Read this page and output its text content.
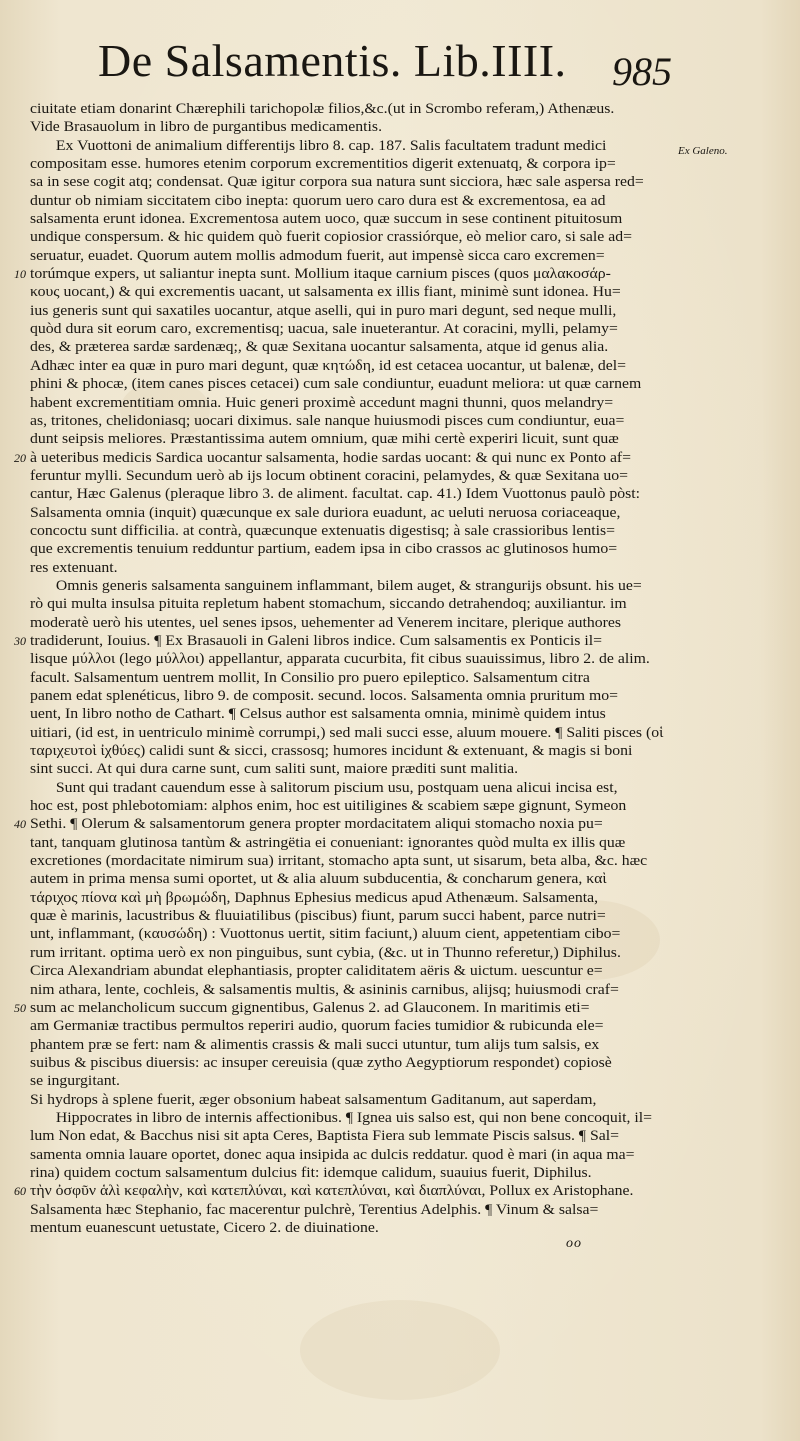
De Salsamentis. Lib.IIII. 985
Ex Galeno.
ciuitate etiam donarint Chærephili tarichopolæ filios,&c.(ut in Scrombo referam,) Athenæus.
Vide Brasauolum in libro de purgantibus medicamentis.
Ex Vuottoni de animalium differentijs libro 8. cap. 187. Salis facultatem tradunt medici
compositam esse. humores etenim corporum excrementitios digerit extenuatq, & corpora ip=
sa in sese cogit atq; condensat. Quæ igitur corpora sua natura sunt sicciora, hæc sale aspersa red=
duntur ob nimiam siccitatem cibo inepta: quorum uero caro dura est & excrementosa, ea ad
salsamenta erunt idonea. Excrementosa autem uoco, quæ succum in sese continent pituitosum
undique conspersum. & hic quidem quò fuerit copiosior crassiórque, eò melior caro, si sale ad=
seruatur, euadet. Quorum autem mollis admodum fuerit, aut impensè sicca caro excremen=
10 torúmque expers, ut saliantur inepta sunt. Mollium itaque carnium pisces (quos μαλακοσάρ-
κους uocant,) & qui excrementis uacant, ut salsamenta ex illis fiant, minimè sunt idonea. Hu=
ius generis sunt qui saxatiles uocantur, atque aselli, qui in puro mari degunt, sed neque mulli,
quòd dura sit eorum caro, excrementisq; uacua, sale inueterantur. At coracini, mylli, pelamy=
des, & præterea sardæ sardenæq;, & quæ Sexitana uocantur salsamenta, atque id genus alia.
Adhæc inter ea quæ in puro mari degunt, quæ κητώδη, id est cetacea uocantur, ut balenæ, del=
phini & phocæ, (item canes pisces cetacei) cum sale condiuntur, euadunt meliora: ut quæ carnem
habent excrementitiam omnia. Huic generi proximè accedunt magni thunni, quos melandry=
as, tritones, chelidoniasq; uocari diximus. sale nanque huiusmodi pisces cum condiuntur, eua=
dunt seipsis meliores. Præstantissima autem omnium, quæ mihi certè experiri licuit, sunt quæ
20 à ueteribus medicis Sardica uocantur salsamenta, hodie sardas uocant: & qui nunc ex Ponto af=
feruntur mylli. Secundum uerò ab ijs locum obtinent coracini, pelamydes, & quæ Sexitana uo=
cantur, Hæc Galenus (pleraque libro 3. de aliment. facultat. cap. 41.) Idem Vuottonus paulò pòst:
Salsamenta omnia (inquit) quæcunque ex sale duriora euadunt, ac ueluti neruosa coriaceaque,
concoctu sunt difficilia. at contrà, quæcunque extenuatis digestisq; à sale crassioribus lentis=
que excrementis tenuium redduntur partium, eadem ipsa in cibo crassos ac glutinosos humo=
res extenuant.
Omnis generis salsamenta sanguinem inflammant, bilem auget, & strangurijs obsunt. his ue=
rò qui multa insulsa pituita repletum habent stomachum, siccando detrahendoq; auxiliantur. im
moderatè uerò his utentes, uel senes ipsos, uehementer ad Venerem incitare, plerique authores
30 tradiderunt, Iouius. ¶ Ex Brasauoli in Galeni libros indice. Cum salsamentis ex Ponticis il=
lisque μύλλοι (lego μύλλοι) appellantur, apparata cucurbita, fit cibus suauissimus, libro 2. de alim.
facult. Salsamentum uentrem mollit, In Consilio pro puero epileptico. Salsamentum citra
panem edat splenéticus, libro 9. de composit. secund. locos. Salsamenta omnia pruritum mo=
uent, In libro notho de Cathart. ¶ Celsus author est salsamenta omnia, minimè quidem intus
uitiari, (id est, in uentriculo minimè corrumpi,) sed mali succi esse, aluum mouere. ¶ Saliti pisces (οἱ
ταριχευτοὶ ἰχθύες) calidi sunt & sicci, crassosq; humores incidunt & extenuant, & magis si boni
sint succi. At qui dura carne sunt, cum saliti sunt, maiore præditi sunt malitia.
Sunt qui tradant cauendum esse à salitorum piscium usu, postquam uena alicui incisa est,
hoc est, post phlebotomiam: alphos enim, hoc est uitiligines & scabiem sæpe gignunt, Symeon
40 Sethi. ¶ Olerum & salsamentorum genera propter mordacitatem aliqui stomacho noxia pu=
tant, tanquam glutinosa tantùm & astringëtia ei conueniant: ignorantes quòd multa ex illis quæ
excretiones (mordacitate nimirum sua) irritant, stomacho apta sunt, ut sisarum, beta alba, &c. hæc
autem in prima mensa sumi oportet, ut & alia aluum subducentia, & concharum genera, καὶ
τάριχος πίονα καὶ μὴ βρωμώδη, Daphnus Ephesius medicus apud Athenæum. Salsamenta,
quæ è marinis, lacustribus & fluuiatilibus (piscibus) fiunt, parum succi habent, parce nutri=
unt, inflammant, (καυσώδη) : Vuottonus uertit, sitim faciunt,) aluum cient, appetentiam cibo=
rum irritant. optima uerò ex non pinguibus, sunt cybia, (&c. ut in Thunno referetur,) Diphilus.
Circa Alexandriam abundat elephantiasis, propter caliditatem aëris & uictum. uescuntur e=
nim athara, lente, cochleis, & salsamentis multis, & asininis carnibus, alijsq; huiusmodi craf=
50 sum ac melancholicum succum gignentibus, Galenus 2. ad Glauconem. In maritimis eti=
am Germaniæ tractibus permultos reperiri audio, quorum facies tumidior & rubicunda ele=
phantem præ se fert: nam & alimentis crassis & mali succi utuntur, tum alijs tum salsis, ex
suibus & piscibus diuersis: ac insuper cereuisia (quæ zytho Aegyptiorum respondet) copiosè
se ingurgitant.
Si hydrops à splene fuerit, æger obsonium habeat salsamentum Gaditanum, aut saperdam,
Hippocrates in libro de internis affectionibus. ¶ Ignea uis salso est, qui non bene concoquit, il=
lum Non edat, & Bacchus nisi sit apta Ceres, Baptista Fiera sub lemmate Piscis salsus. ¶ Sal=
samenta omnia lauare oportet, donec aqua insipida ac dulcis reddatur. quod è mari (in aqua ma=
rina) quidem coctum salsamentum dulcius fit: idemque calidum, suauius fuerit, Diphilus.
60 τὴν ὀσφῦν ἁλὶ κεφαλὴν, καὶ κατεπλύναι, καὶ κατεπλύναι, καὶ διαπλύναι, Pollux ex Aristophane.
Salsamenta hæc Stephanio, fac macerentur pulchrè, Terentius Adelphis. ¶ Vinum & salsa=
mentum euanescunt uetustate, Cicero 2. de diuinatione.
oo
